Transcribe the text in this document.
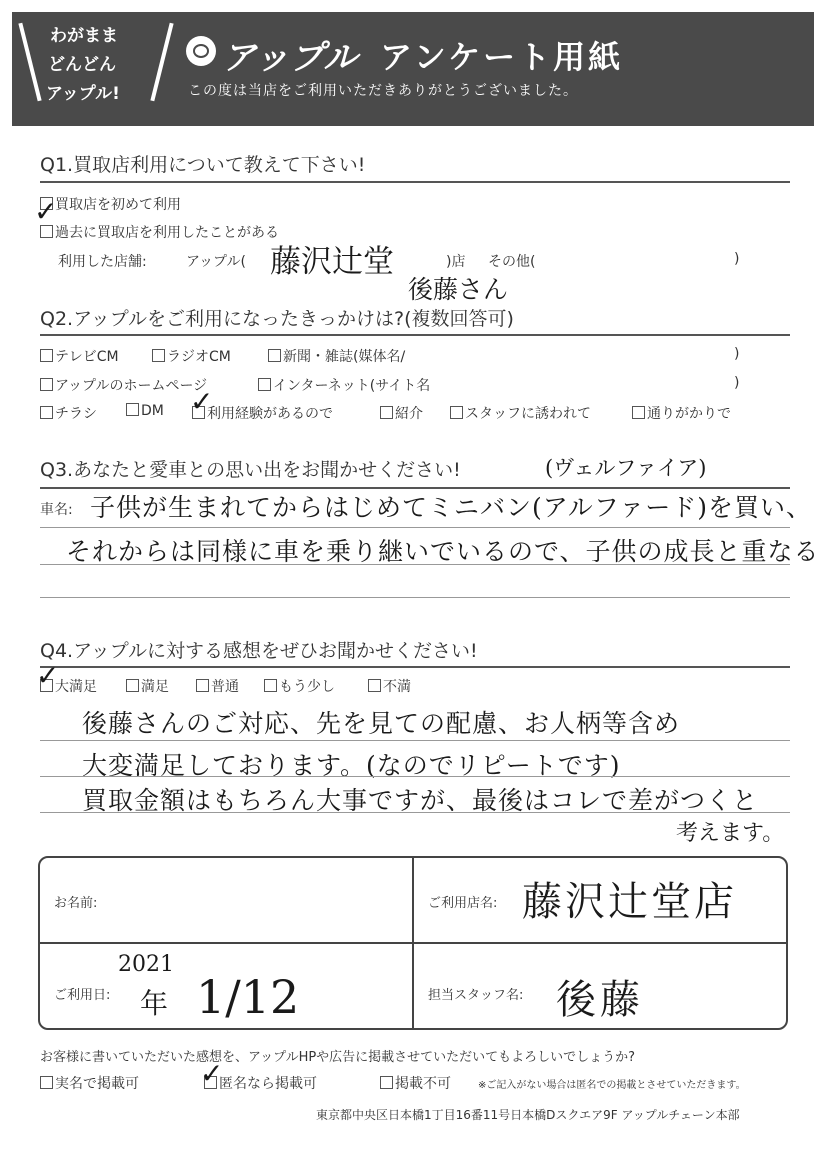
わがまま
どんどん
アップル!
アップル アンケート用紙
この度は当店をご利用いただきありがとうございました。
Q1.買取店利用について教えて下さい!
買取店を初めて利用
過去に買取店を利用したことがある
✓
利用した店舗:	アップル(	)店 その他(	)
藤沢辻堂
後藤さん
Q2.アップルをご利用になったきっかけは?(複数回答可)
テレビCM	ラジオCM	新聞・雑誌(媒体名/	)
アップルのホームページ	インターネット(サイト名	)
チラシ	DM	利用経験があるので	紹介	スタッフに誘われて	通りがかりで
✓
Q3.あなたと愛車との思い出をお聞かせください!	(ヴェルファイア)
車名: 子供が生まれてからはじめてミニバン(アルファード)を買い、
それからは同様に車を乗り継いでいるので、子供の成長と重なる
Q4.アップルに対する感想をぜひお聞かせください!
大満足	満足	普通	もう少し	不満
✓
後藤さんのご対応、先を見ての配慮、お人柄等含め
大変満足しております。(なのでリピートです)
買取金額はもちろん大事ですが、最後はコレで差がつくと
考えます。
お名前:	ご利用店名: 藤沢辻堂店
ご利用日:
2021
年 1/12	担当スタッフ名: 後藤
お客様に書いていただいた感想を、アップルHPや広告に掲載させていただいてもよろしいでしょうか?
実名で掲載可	匿名なら掲載可	掲載不可
✓	※ご記入がない場合は匿名での掲載とさせていただきます。
東京都中央区日本橋1丁目16番11号日本橋Dスクエア9F アップルチェーン本部
